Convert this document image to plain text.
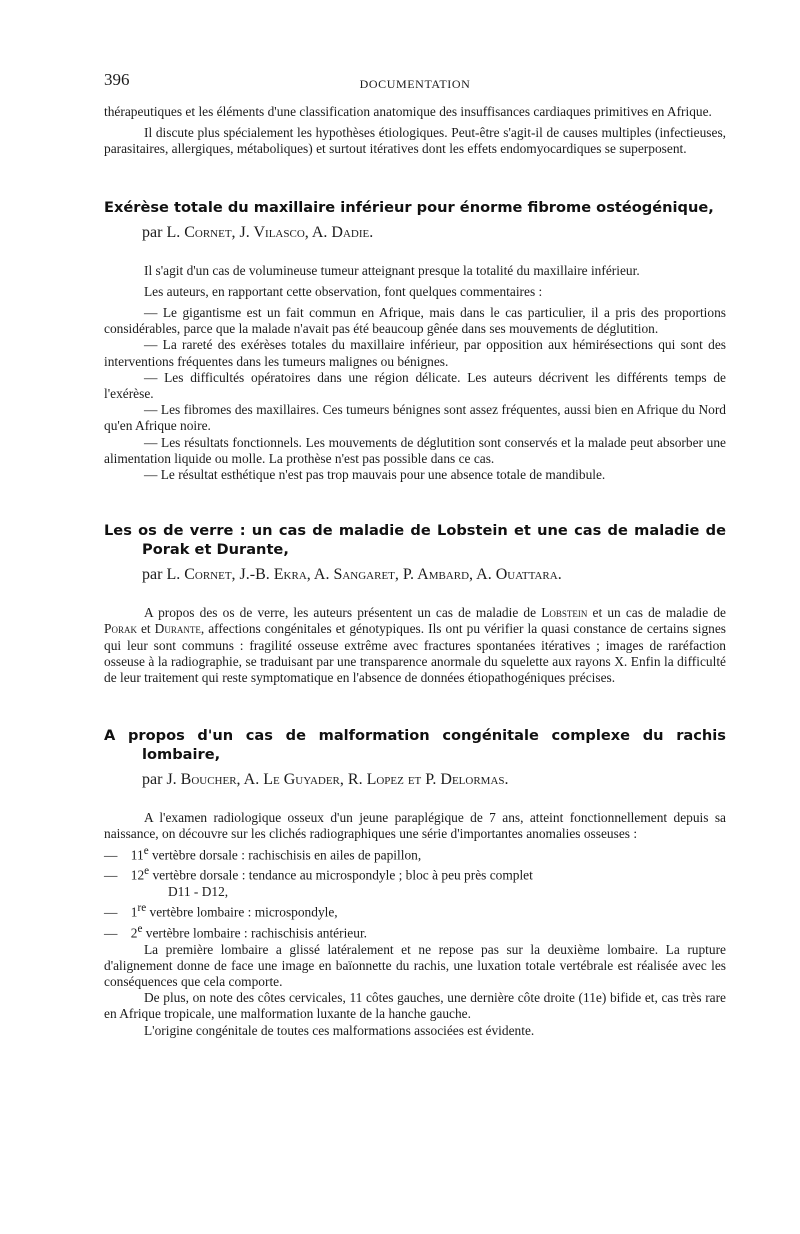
396	DOCUMENTATION

thérapeutiques et les éléments d'une classification anatomique des insuffisances cardiaques primitives en Afrique.

Il discute plus spécialement les hypothèses étiologiques. Peut-être s'agit-il de causes multiples (infectieuses, parasitaires, allergiques, métaboliques) et surtout itératives dont les effets endomyocardiques se superposent.

Exérèse totale du maxillaire inférieur pour énorme fibrome ostéogénique,
par L. Cornet, J. Vilasco, A. Dadie.

Il s'agit d'un cas de volumineuse tumeur atteignant presque la totalité du maxillaire inférieur.

Les auteurs, en rapportant cette observation, font quelques commentaires :

— Le gigantisme est un fait commun en Afrique, mais dans le cas particulier, il a pris des proportions considérables, parce que la malade n'avait pas été beaucoup gênée dans ses mouvements de déglutition.

— La rareté des exérèses totales du maxillaire inférieur, par opposition aux hémirésections qui sont des interventions fréquentes dans les tumeurs malignes ou bénignes.

— Les difficultés opératoires dans une région délicate. Les auteurs décrivent les différents temps de l'exérèse.

— Les fibromes des maxillaires. Ces tumeurs bénignes sont assez fréquentes, aussi bien en Afrique du Nord qu'en Afrique noire.

— Les résultats fonctionnels. Les mouvements de déglutition sont conservés et la malade peut absorber une alimentation liquide ou molle. La prothèse n'est pas possible dans ce cas.

— Le résultat esthétique n'est pas trop mauvais pour une absence totale de mandibule.

Les os de verre : un cas de maladie de Lobstein et une cas de maladie de Porak et Durante,
par L. Cornet, J.-B. Ekra, A. Sangaret, P. Ambard, A. Ouattara.

A propos des os de verre, les auteurs présentent un cas de maladie de Lobstein et un cas de maladie de Porak et Durante, affections congénitales et génotypiques. Ils ont pu vérifier la quasi constance de certains signes qui leur sont communs : fragilité osseuse extrême avec fractures spontanées itératives ; images de raréfaction osseuse à la radiographie, se traduisant par une transparence anormale du squelette aux rayons X. Enfin la difficulté de leur traitement qui reste symptomatique en l'absence de données étiopathogéniques précises.

A propos d'un cas de malformation congénitale complexe du rachis lombaire,
par J. Boucher, A. Le Guyader, R. Lopez et P. Delormas.

A l'examen radiologique osseux d'un jeune paraplégique de 7 ans, atteint fonctionnellement depuis sa naissance, on découvre sur les clichés radiographiques une série d'importantes anomalies osseuses :

—    11e vertèbre dorsale : rachischisis en ailes de papillon,

—    12e vertèbre dorsale : tendance au microspondyle ; bloc à peu près complet

D11 - D12,

—    1re vertèbre lombaire : microspondyle,

—    2e vertèbre lombaire : rachischisis antérieur.

La première lombaire a glissé latéralement et ne repose pas sur la deuxième lombaire. La rupture d'alignement donne de face une image en baïonnette du rachis, une luxation totale vertébrale est réalisée avec les conséquences que cela comporte.

De plus, on note des côtes cervicales, 11 côtes gauches, une dernière côte droite (11e) bifide et, cas très rare en Afrique tropicale, une malformation luxante de la hanche gauche.

L'origine congénitale de toutes ces malformations associées est évidente.
